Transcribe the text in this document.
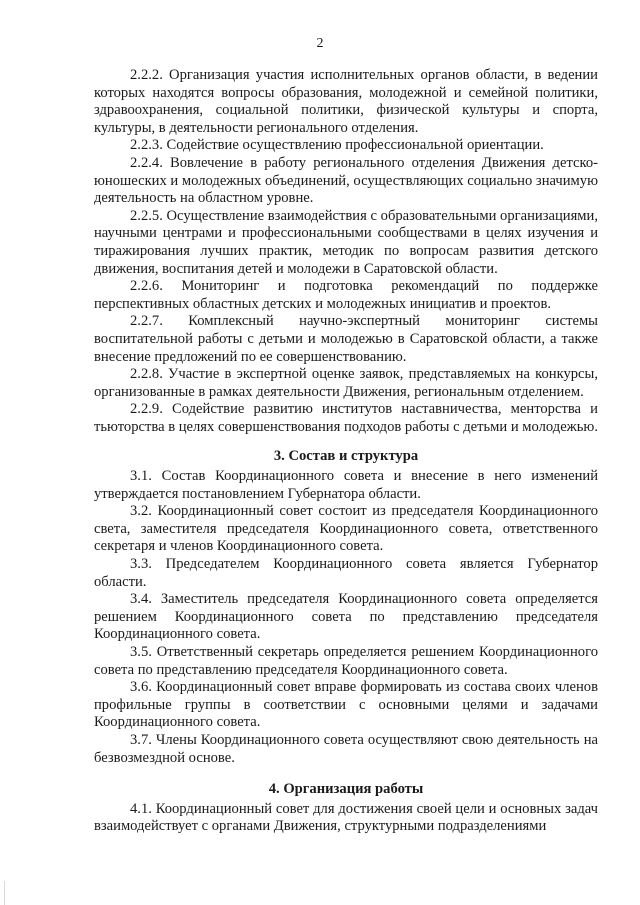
2

2.2.2. Организация участия исполнительных органов области, в ведении которых находятся вопросы образования, молодежной и семейной политики, здравоохранения, социальной политики, физической культуры и спорта, культуры, в деятельности регионального отделения.

2.2.3. Содействие осуществлению профессиональной ориентации.

2.2.4. Вовлечение в работу регионального отделения Движения детско-юношеских и молодежных объединений, осуществляющих социально значимую деятельность на областном уровне.

2.2.5. Осуществление взаимодействия с образовательными организациями, научными центрами и профессиональными сообществами в целях изучения и тиражирования лучших практик, методик по вопросам развития детского движения, воспитания детей и молодежи в Саратовской области.

2.2.6. Мониторинг и подготовка рекомендаций по поддержке перспективных областных детских и молодежных инициатив и проектов.

2.2.7. Комплексный научно-экспертный мониторинг системы воспитательной работы с детьми и молодежью в Саратовской области, а также внесение предложений по ее совершенствованию.

2.2.8. Участие в экспертной оценке заявок, представляемых на конкурсы, организованные в рамках деятельности Движения, региональным отделением.

2.2.9. Содействие развитию институтов наставничества, менторства и тьюторства в целях совершенствования подходов работы с детьми и молодежью.

3. Состав и структура

3.1. Состав Координационного совета и внесение в него изменений утверждается постановлением Губернатора области.

3.2. Координационный совет состоит из председателя Координационного света, заместителя председателя Координационного совета, ответственного секретаря и членов Координационного совета.

3.3. Председателем Координационного совета является Губернатор области.

3.4. Заместитель председателя Координационного совета определяется решением Координационного совета по представлению председателя Координационного совета.

3.5. Ответственный секретарь определяется решением Координационного совета по представлению председателя Координационного совета.

3.6. Координационный совет вправе формировать из состава своих членов профильные группы в соответствии с основными целями и задачами Координационного совета.

3.7. Члены Координационного совета осуществляют свою деятельность на безвозмездной основе.

4. Организация работы

4.1. Координационный совет для достижения своей цели и основных задач взаимодействует с органами Движения, структурными подразделениями
